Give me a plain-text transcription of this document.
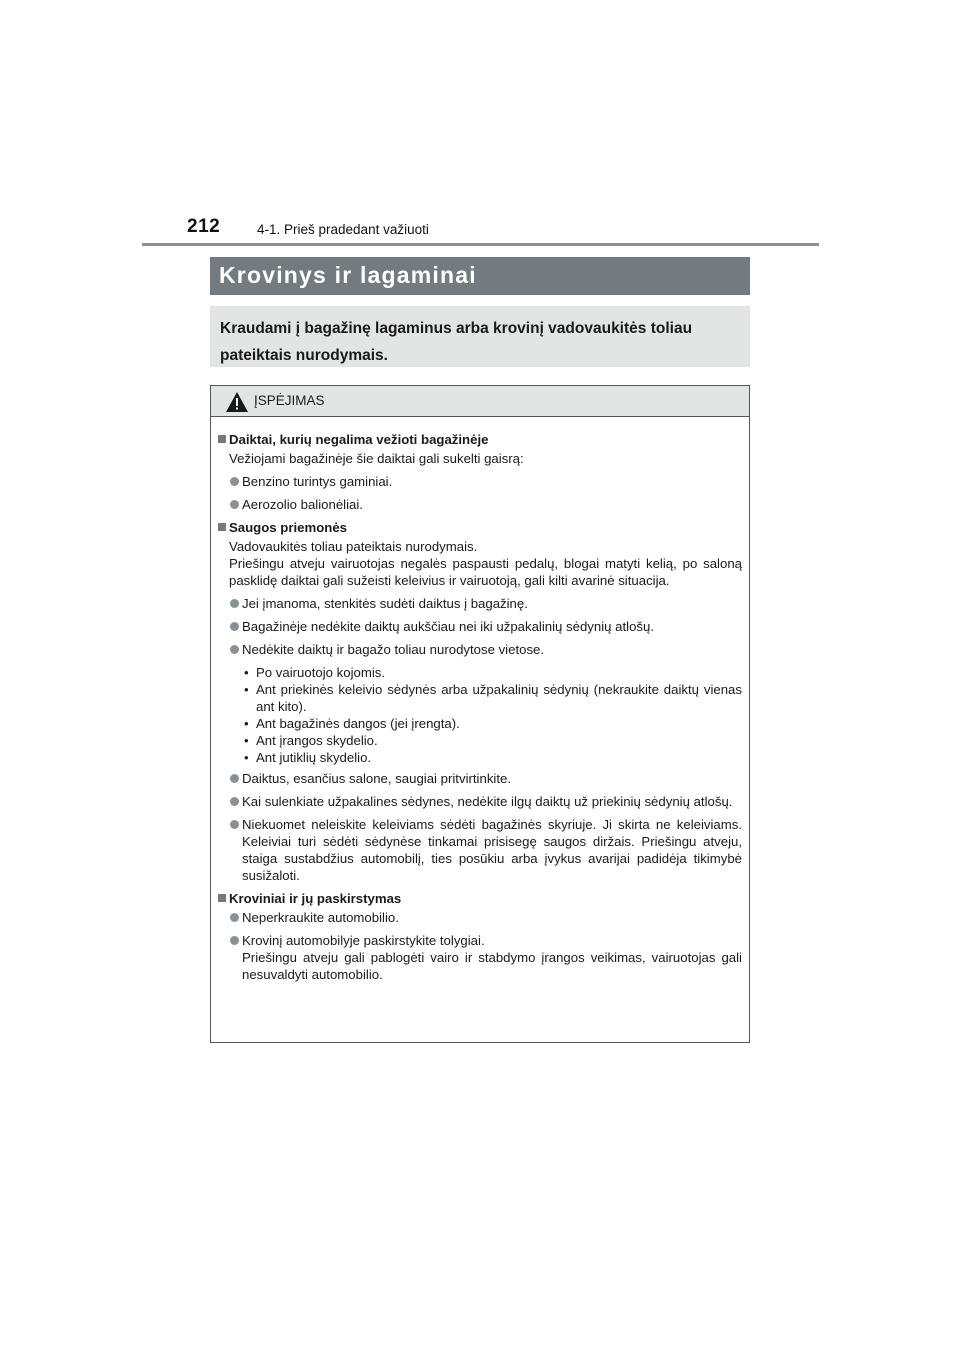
212	4-1. Prieš pradedant važiuoti
Krovinys ir lagaminai
Kraudami į bagažinę lagaminus arba krovinį vadovaukitės toliau pateiktais nurodymais.
ĮSPĖJIMAS
Daiktai, kurių negalima vežioti bagažinėje
Vežiojami bagažinėje šie daiktai gali sukelti gaisrą:
Benzino turintys gaminiai.
Aerozolio balionėliai.
Saugos priemonės
Vadovaukitės toliau pateiktais nurodymais.
Priešingu atveju vairuotojas negalės paspausti pedalų, blogai matyti kelią, po saloną pasklidę daiktai gali sužeisti keleivius ir vairuotoją, gali kilti avarinė situacija.
Jei įmanoma, stenkitės sudėti daiktus į bagažinę.
Bagažinėje nedėkite daiktų aukščiau nei iki užpakalinių sėdynių atlošų.
Nedėkite daiktų ir bagažo toliau nurodytose vietose.
• Po vairuotojo kojomis.
• Ant priekinės keleivio sėdynės arba užpakalinių sėdynių (nekraukite daiktų vienas ant kito).
• Ant bagažinės dangos (jei įrengta).
• Ant įrangos skydelio.
• Ant jutiklių skydelio.
Daiktus, esančius salone, saugiai pritvirtinkite.
Kai sulenkiate užpakalines sėdynes, nedėkite ilgų daiktų už priekinių sėdynių atlošų.
Niekuomet neleiskite keleiviams sėdėti bagažinės skyriuje. Ji skirta ne keleiviams. Keleiviai turi sėdėti sėdynėse tinkamai prisisegę saugos diržais. Priešingu atveju, staiga sustabdžius automobilį, ties posūkiu arba įvykus avarijai padidėja tikimybė susižaloti.
Kroviniai ir jų paskirstymas
Neperkraukite automobilio.
Krovinį automobilyje paskirstykite tolygiai.
Priešingu atveju gali pablogėti vairo ir stabdymo įrangos veikimas, vairuotojas gali nesuvaldyti automobilio.
